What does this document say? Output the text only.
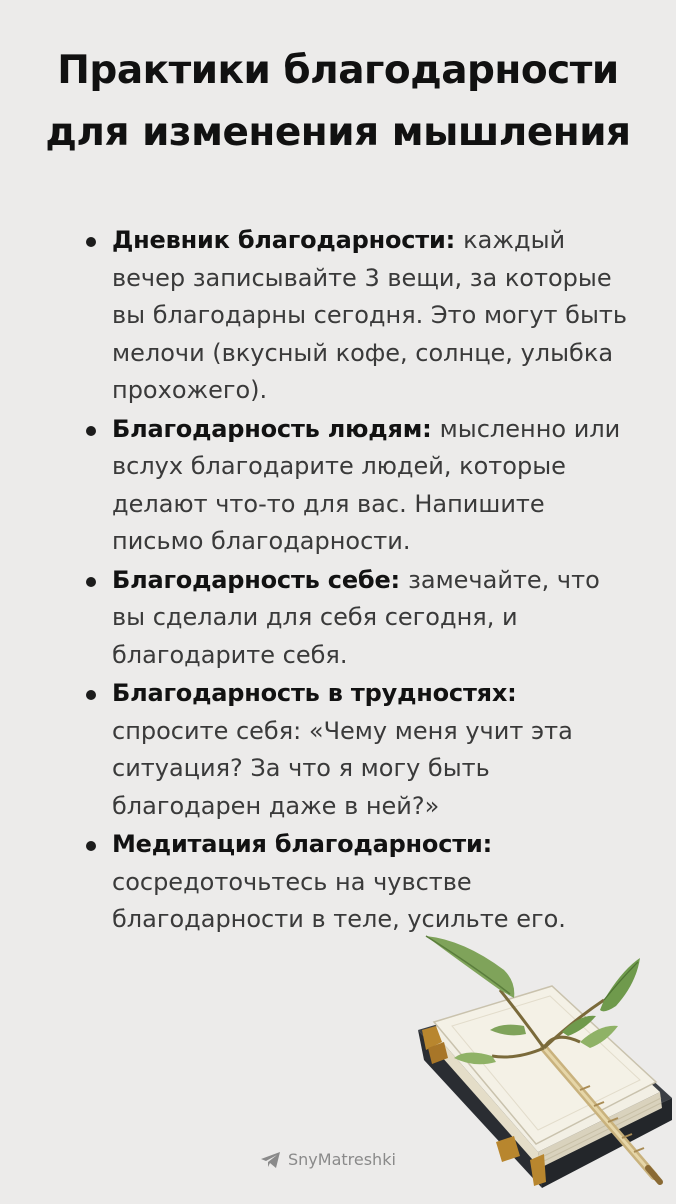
Практики благодарности для изменения мышления
Дневник благодарности: каждый вечер записывайте 3 вещи, за которые вы благодарны сегодня. Это могут быть мелочи (вкусный кофе, солнце, улыбка прохожего).
Благодарность людям: мысленно или вслух благодарите людей, которые делают что-то для вас. Напишите письмо благодарности.
Благодарность себе: замечайте, что вы сделали для себя сегодня, и благодарите себя.
Благодарность в трудностях: спросите себя: «Чему меня учит эта ситуация? За что я могу быть благодарен даже в ней?»
Медитация благодарности: сосредоточьтесь на чувстве благодарности в теле, усильте его.
SnyMatreshki
